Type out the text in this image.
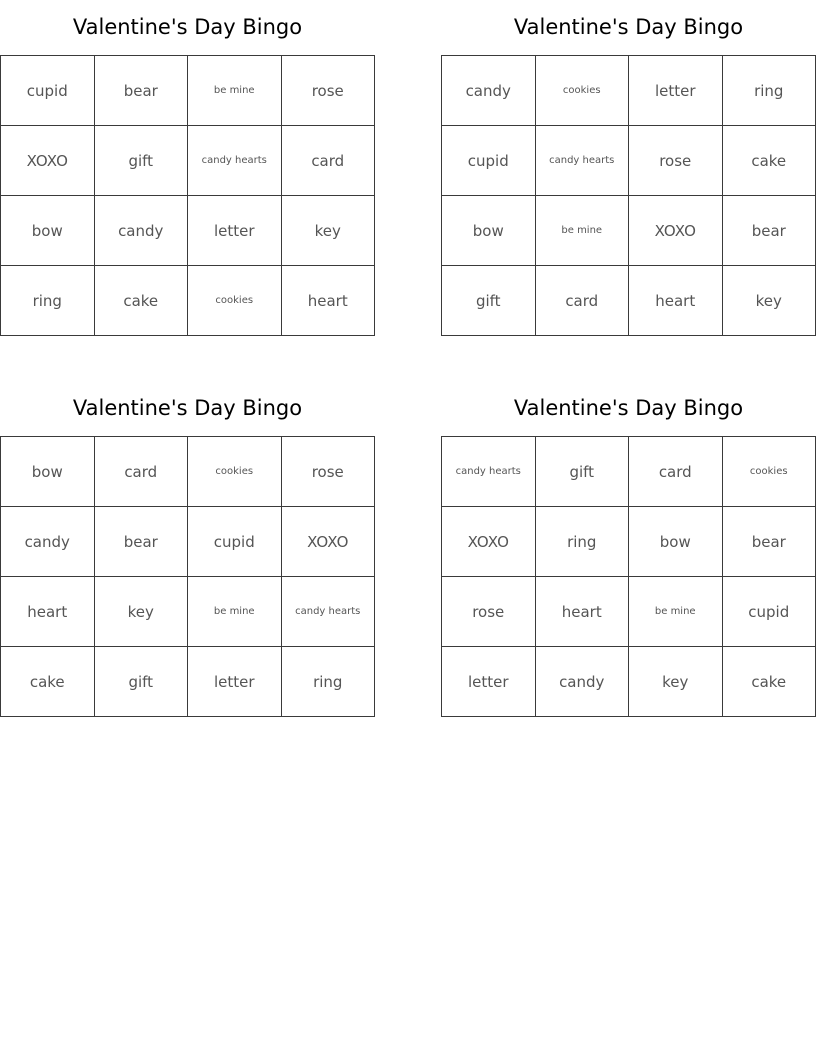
Valentine's Day Bingo
cupid	bear	be mine	rose
XOXO	gift	candy hearts	card
bow	candy	letter	key
ring	cake	cookies	heart
Valentine's Day Bingo
candy	cookies	letter	ring
cupid	candy hearts	rose	cake
bow	be mine	XOXO	bear
gift	card	heart	key
Valentine's Day Bingo
bow	card	cookies	rose
candy	bear	cupid	XOXO
heart	key	be mine	candy hearts
cake	gift	letter	ring
Valentine's Day Bingo
candy hearts	gift	card	cookies
XOXO	ring	bow	bear
rose	heart	be mine	cupid
letter	candy	key	cake
